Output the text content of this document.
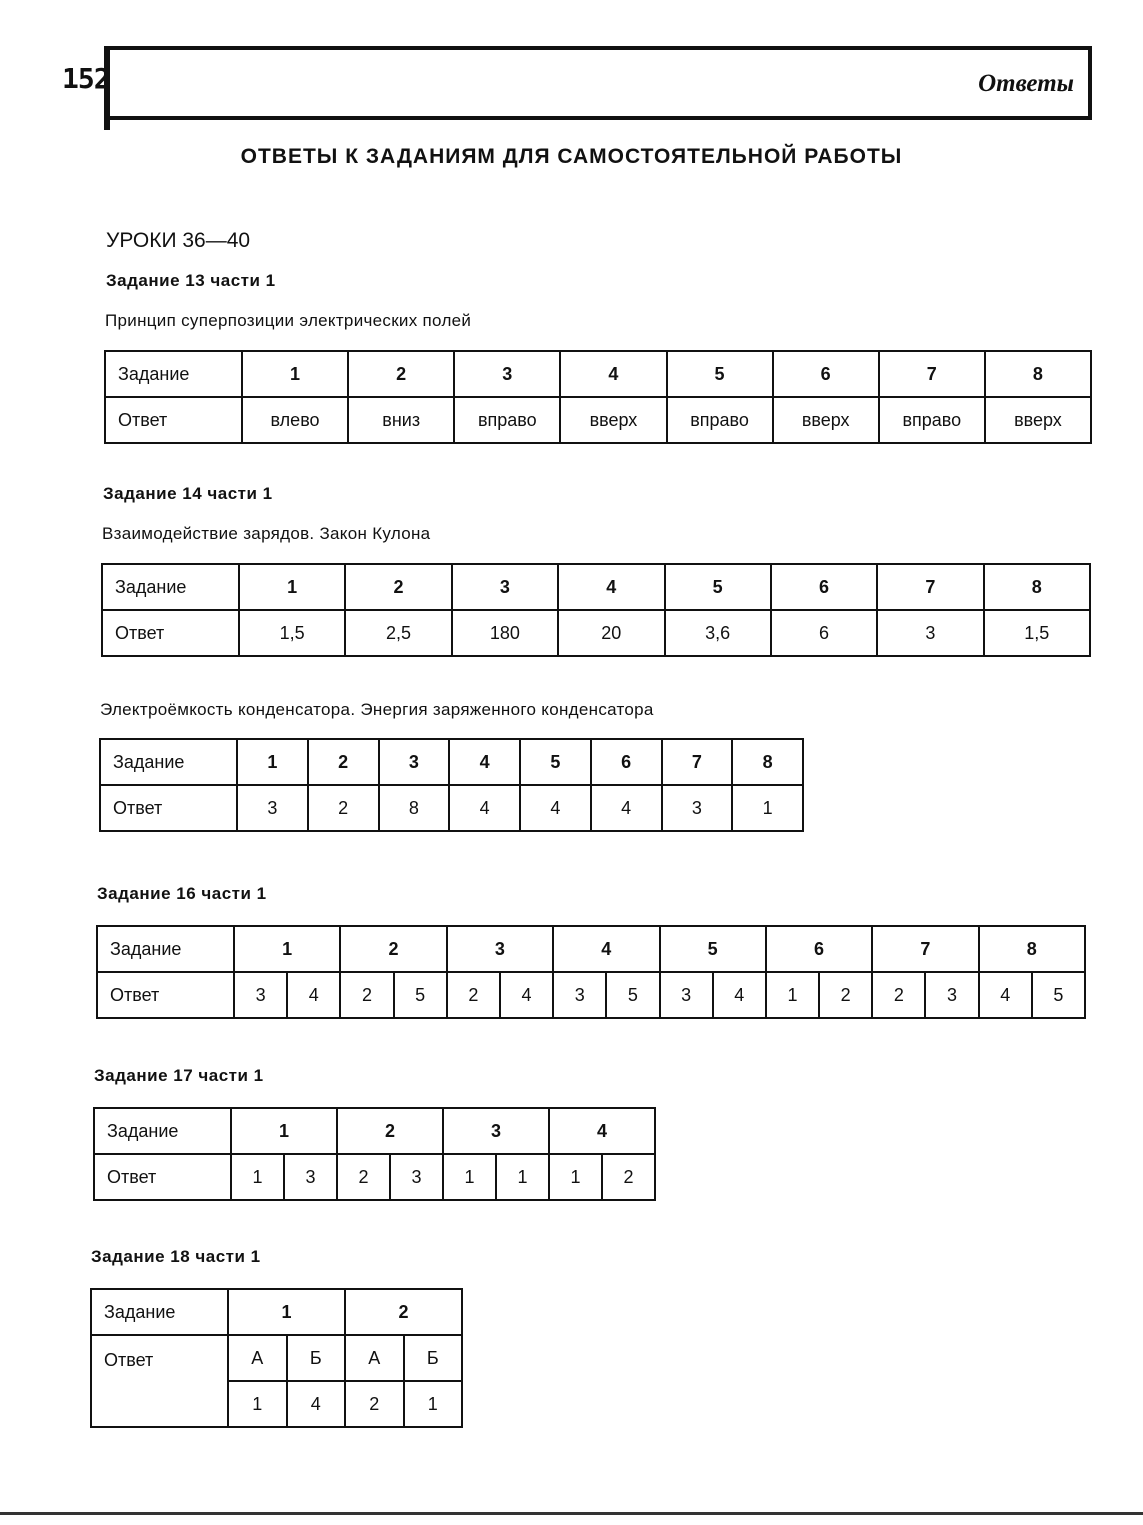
152	Ответы
ОТВЕТЫ К ЗАДАНИЯМ ДЛЯ САМОСТОЯТЕЛЬНОЙ РАБОТЫ
УРОКИ 36—40
Задание 13 части 1
Принцип суперпозиции электрических полей
Задание	1	2	3	4	5	6	7	8
Ответ	влево	вниз	вправо	вверх	вправо	вверх	вправо	вверх
Задание 14 части 1
Взаимодействие зарядов. Закон Кулона
Задание	1	2	3	4	5	6	7	8
Ответ	1,5	2,5	180	20	3,6	6	3	1,5
Электроёмкость конденсатора. Энергия заряженного конденсатора
Задание	1	2	3	4	5	6	7	8
Ответ	3	2	8	4	4	4	3	1
Задание 16 части 1
Задание	1		2		3		4		5		6		7		8	
Ответ	3	4	2	5	2	4	3	5	3	4	1	2	2	3	4	5
Задание 17 части 1
Задание	1		2		3		4	
Ответ	1	3	2	3	1	1	1	2
Задание 18 части 1
Задание	1		2	
Ответ	А	Б	А	Б
	1	4	2	1
